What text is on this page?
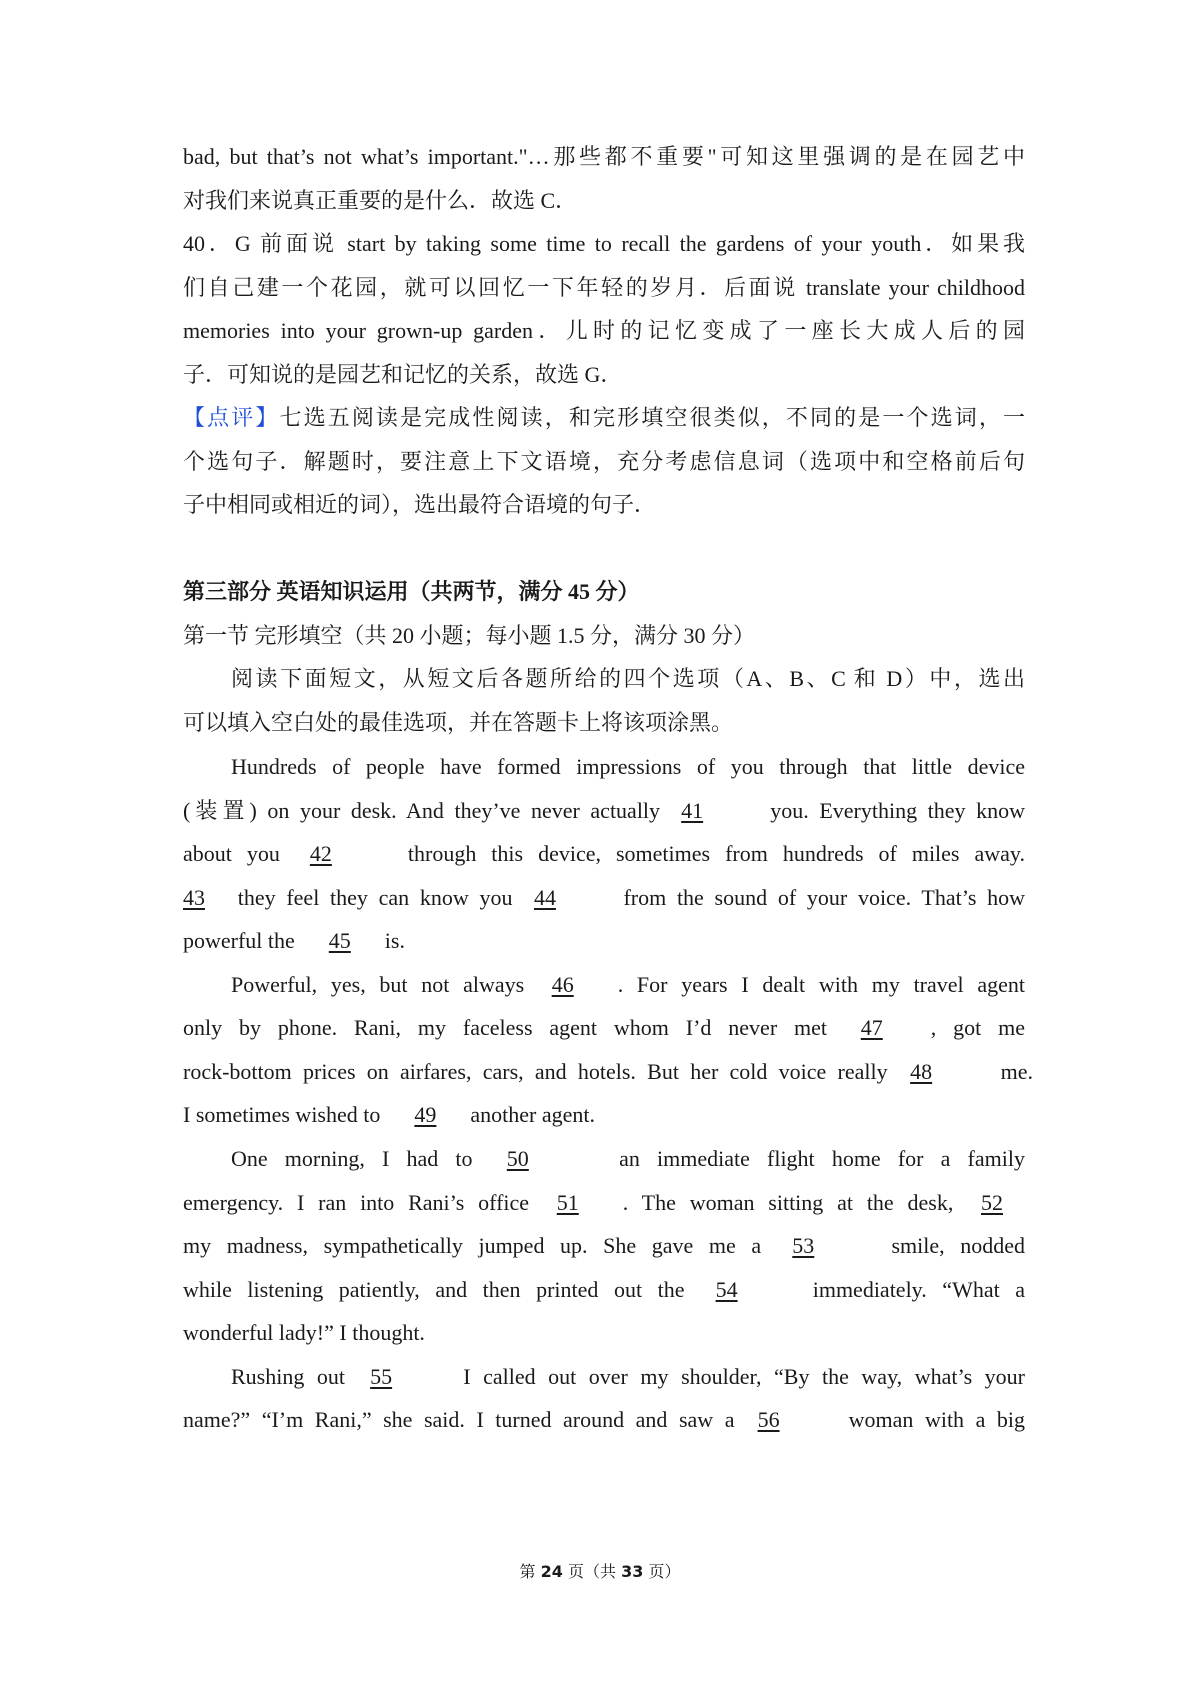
bad, but that’s not what’s important."…那些都不重要"可知这里强调的是在园艺中
对我们来说真正重要的是什么．故选 C．
40．G 前面说 start by taking some time to recall the gardens of your youth．如果我
们自己建一个花园，就可以回忆一下年轻的岁月．后面说 translate your childhood
memories into your grown-up garden．儿时的记忆变成了一座长大成人后的园
子．可知说的是园艺和记忆的关系，故选 G．
【点评】七选五阅读是完成性阅读，和完形填空很类似，不同的是一个选词，一
个选句子．解题时，要注意上下文语境，充分考虑信息词（选项中和空格前后句
子中相同或相近的词），选出最符合语境的句子．
第三部分 英语知识运用（共两节，满分 45 分）
第一节 完形填空（共 20 小题；每小题 1.5 分，满分 30 分）
阅读下面短文，从短文后各题所给的四个选项（A、B、C 和 D）中，选出
可以填入空白处的最佳选项，并在答题卡上将该项涂黑。
Hundreds of people have formed impressions of you through that little device
(装置) on your desk. And they’ve never actually 41	you. Everything they know
about you 42	through this device, sometimes from hundreds of miles away.
43 they feel they can know you 44	from the sound of your voice. That’s how
powerful the 45 is.
Powerful, yes, but not always 46 . For years I dealt with my travel agent
only by phone. Rani, my faceless agent whom I’d never met 47 , got me
rock-bottom prices on airfares, cars, and hotels. But her cold voice really 48	me.
I sometimes wished to 49 another agent.
One morning, I had to 50	an immediate flight home for a family
emergency. I ran into Rani’s office 51 . The woman sitting at the desk, 52
my madness, sympathetically jumped up. She gave me a 53	smile, nodded
while listening patiently, and then printed out the 54	immediately. “What a
wonderful lady!” I thought.
Rushing out 55	I called out over my shoulder, “By the way, what’s your
name?” “I’m Rani,” she said. I turned around and saw a 56	woman with a big
第 24 页（共 33 页）
